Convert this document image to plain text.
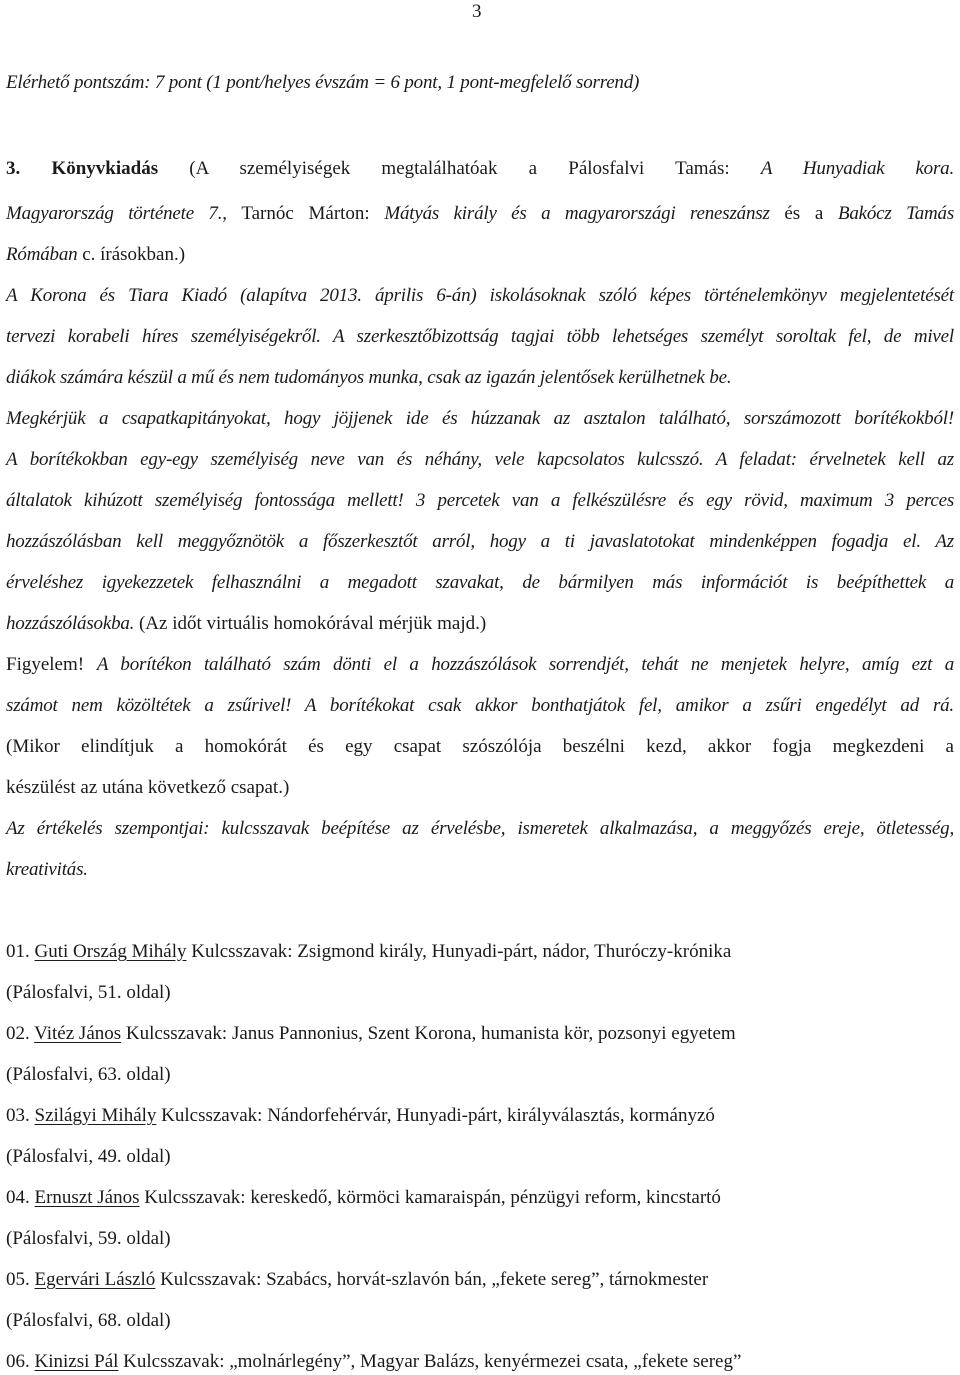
3
Elérhető pontszám: 7 pont (1 pont/helyes évszám = 6 pont, 1 pont-megfelelő sorrend)
3. Könyvkiadás (A személyiségek megtalálhatóak a Pálosfalvi Tamás: A Hunyadiak kora.
Magyarország története 7., Tarnóc Márton: Mátyás király és a magyarországi reneszánsz és a Bakócz Tamás
Rómában c. írásokban.)
A Korona és Tiara Kiadó (alapítva 2013. április 6-án) iskolásoknak szóló képes történelemkönyv megjelentetését
tervezi korabeli híres személyiségekről. A szerkesztőbizottság tagjai több lehetséges személyt soroltak fel, de mivel
diákok számára készül a mű és nem tudományos munka, csak az igazán jelentősek kerülhetnek be.
Megkérjük a csapatkapitányokat, hogy jöjjenek ide és húzzanak az asztalon található, sorszámozott borítékokból!
A borítékokban egy-egy személyiség neve van és néhány, vele kapcsolatos kulcsszó. A feladat: érvelnetek kell az
általatok kihúzott személyiség fontossága mellett! 3 percetek van a felkészülésre és egy rövid, maximum 3 perces
hozzászólásban kell meggyőznötök a főszerkesztőt arról, hogy a ti javaslatotokat mindenképpen fogadja el. Az
érveléshez igyekezzetek felhasználni a megadott szavakat, de bármilyen más információt is beépíthettek a
hozzászólásokba. (Az időt virtuális homokórával mérjük majd.)
Figyelem! A borítékon található szám dönti el a hozzászólások sorrendjét, tehát ne menjetek helyre, amíg ezt a
számot nem közöltétek a zsűrivel! A borítékokat csak akkor bonthatjátok fel, amikor a zsűri engedélyt ad rá.
(Mikor elindítjuk a homokórát és egy csapat szószólója beszélni kezd, akkor fogja megkezdeni a
készülést az utána következő csapat.)
Az értékelés szempontjai: kulcsszavak beépítése az érvelésbe, ismeretek alkalmazása, a meggyőzés ereje, ötletesség,
kreativitás.
01. Guti Ország Mihály Kulcsszavak: Zsigmond király, Hunyadi-párt, nádor, Thuróczy-krónika
(Pálosfalvi, 51. oldal)
02. Vitéz János Kulcsszavak: Janus Pannonius, Szent Korona, humanista kör, pozsonyi egyetem
(Pálosfalvi, 63. oldal)
03. Szilágyi Mihály Kulcsszavak: Nándorfehérvár, Hunyadi-párt, királyválasztás, kormányzó
(Pálosfalvi, 49. oldal)
04. Ernuszt János Kulcsszavak: kereskedő, körmöci kamaraispán, pénzügyi reform, kincstartó
(Pálosfalvi, 59. oldal)
05. Egervári László Kulcsszavak: Szabács, horvát-szlavón bán, „fekete sereg”, tárnokmester
(Pálosfalvi, 68. oldal)
06. Kinizsi Pál Kulcsszavak: „molnárlegény”, Magyar Balázs, kenyérmezei csata, „fekete sereg”
